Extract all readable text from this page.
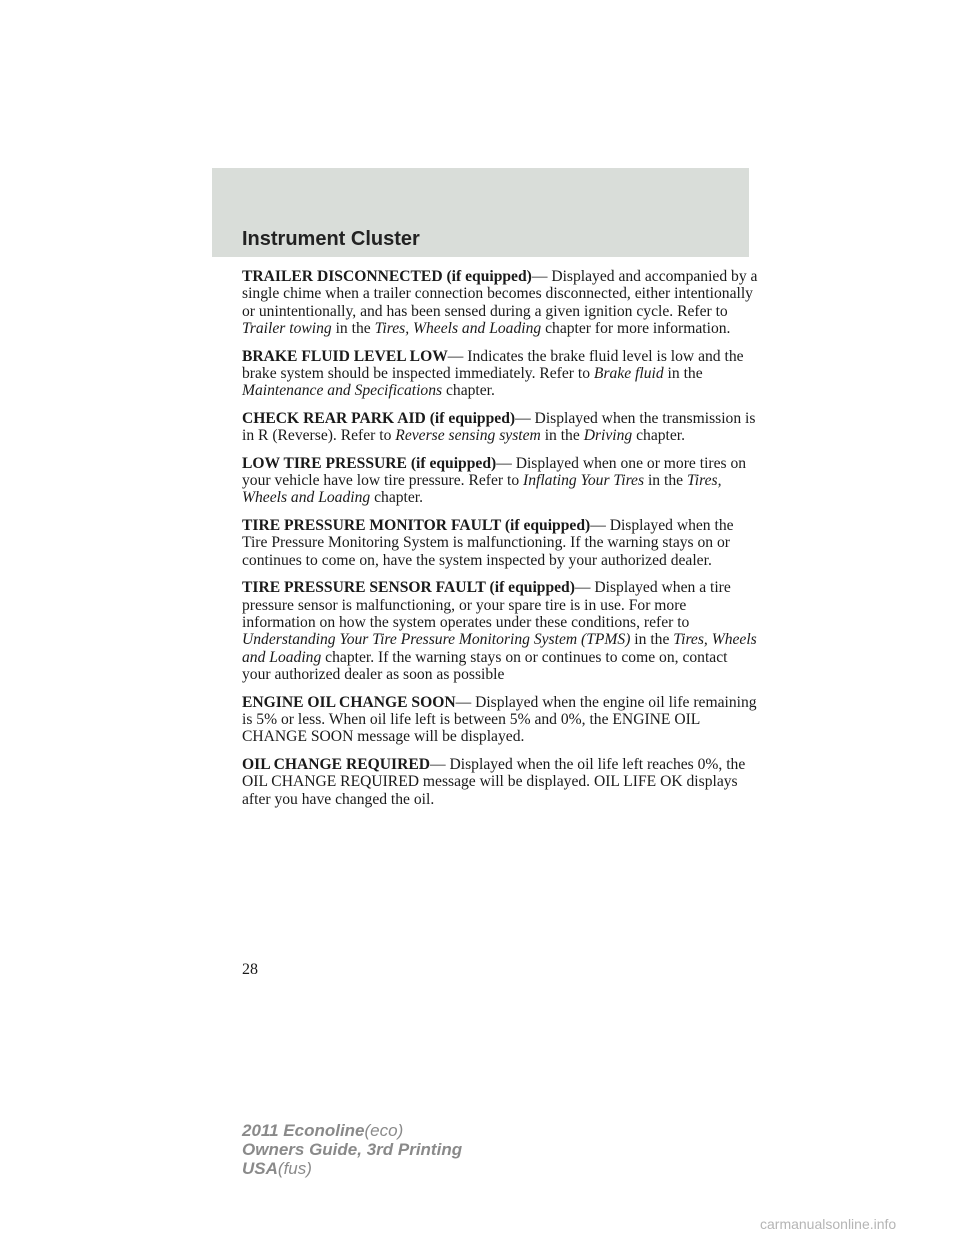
Instrument Cluster

TRAILER DISCONNECTED (if equipped)— Displayed and accompanied by a single chime when a trailer connection becomes disconnected, either intentionally or unintentionally, and has been sensed during a given ignition cycle. Refer to Trailer towing in the Tires, Wheels and Loading chapter for more information.

BRAKE FLUID LEVEL LOW— Indicates the brake fluid level is low and the brake system should be inspected immediately. Refer to Brake fluid in the Maintenance and Specifications chapter.

CHECK REAR PARK AID (if equipped)— Displayed when the transmission is in R (Reverse). Refer to Reverse sensing system in the Driving chapter.

LOW TIRE PRESSURE (if equipped)— Displayed when one or more tires on your vehicle have low tire pressure. Refer to Inflating Your Tires in the Tires, Wheels and Loading chapter.

TIRE PRESSURE MONITOR FAULT (if equipped)— Displayed when the Tire Pressure Monitoring System is malfunctioning. If the warning stays on or continues to come on, have the system inspected by your authorized dealer.

TIRE PRESSURE SENSOR FAULT (if equipped)— Displayed when a tire pressure sensor is malfunctioning, or your spare tire is in use. For more information on how the system operates under these conditions, refer to Understanding Your Tire Pressure Monitoring System (TPMS) in the Tires, Wheels and Loading chapter. If the warning stays on or continues to come on, contact your authorized dealer as soon as possible

ENGINE OIL CHANGE SOON— Displayed when the engine oil life remaining is 5% or less. When oil life left is between 5% and 0%, the ENGINE OIL CHANGE SOON message will be displayed.

OIL CHANGE REQUIRED— Displayed when the oil life left reaches 0%, the OIL CHANGE REQUIRED message will be displayed. OIL LIFE OK displays after you have changed the oil.

28
2011 Econoline(eco)
Owners Guide, 3rd Printing
USA(fus)
carmanualsonline.info
